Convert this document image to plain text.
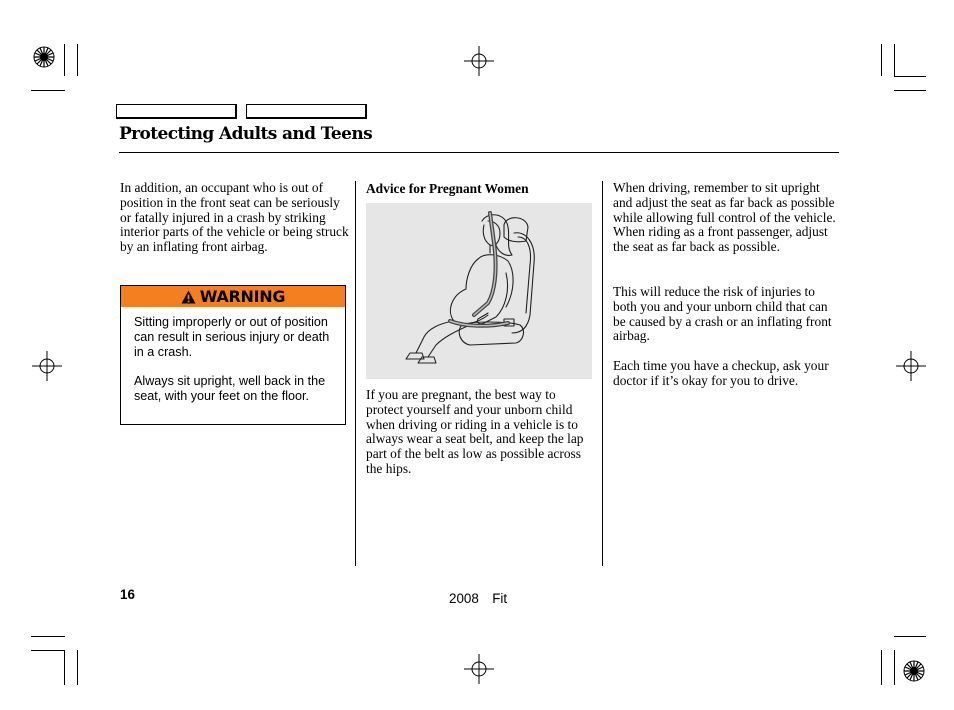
Protecting Adults and Teens

In addition, an occupant who is out of position in the front seat can be seriously or fatally injured in a crash by striking interior parts of the vehicle or being struck by an inflating front airbag.

WARNING

Sitting improperly or out of position can result in serious injury or death in a crash.

Always sit upright, well back in the seat, with your feet on the floor.

Advice for Pregnant Women

If you are pregnant, the best way to protect yourself and your unborn child when driving or riding in a vehicle is to always wear a seat belt, and keep the lap part of the belt as low as possible across the hips.

When driving, remember to sit upright and adjust the seat as far back as possible while allowing full control of the vehicle. When riding as a front passenger, adjust the seat as far back as possible.

This will reduce the risk of injuries to both you and your unborn child that can be caused by a crash or an inflating front airbag.

Each time you have a checkup, ask your doctor if it’s okay for you to drive.

16	2008  Fit
